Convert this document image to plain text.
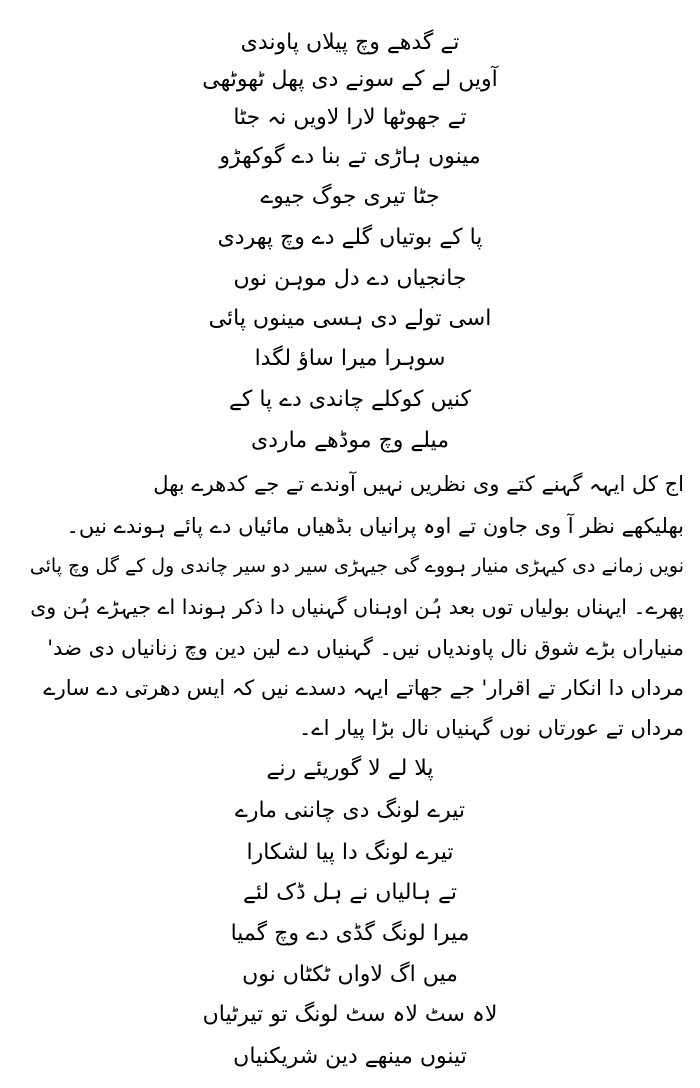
تے گدھے وچ پیلاں پاوندی
آویں لے کے سونے دی پھل ٹھوٹھی
تے جھوٹھا لارا لاویں نہ جٹا
مینوں ہاڑی تے بنا دے گوکھڑو
جٹا تیری جوگ جیوے
پا کے بوتیاں گلے دے وچ پھردی
جانجیاں دے دل موہن نوں
اسی تولے دی ہسی مینوں پائی
سوہرا میرا ساؤ لگدا
کنیں کوکلے چاندی دے پا کے
میلے وچ موڈھے ماردی
اج کل ایہہ گہنے کتے وی نظریں نہیں آوندے تے جے کدھرے بھل
بھلیکھے نظر آ وی جاون تے اوہ پرانیاں بڈھیاں مائیاں دے پائے ہوندے نیں۔
نویں زمانے دی کیہڑی منیار ہووے گی جیہڑی سیر دو سیر چاندی ول کے گل وچ پائی
پھرے۔ ایہناں بولیاں توں بعد ہُن اوہناں گہنیاں دا ذکر ہوندا اے جیہڑے ہُن وی
منیاراں بڑے شوق نال پاوندیاں نیں۔ گہنیاں دے لین دین وچ زنانیاں دی ضد'
مرداں دا انکار تے اقرار' جے جھاتے ایہہ دسدے نیں کہ ایس دھرتی دے سارے
مرداں تے عورتاں نوں گہنیاں نال بڑا پیار اے۔
پلا لے لا گوریئے رنے
تیرے لونگ دی چاننی مارے
تیرے لونگ دا پیا لشکارا
تے ہالیاں نے ہل ڈک لئے
میرا لونگ گڈی دے وچ گمیا
میں اگ لاواں ٹکٹاں نوں
لاہ سٹ لاہ سٹ لونگ تو تیرٹیاں
تینوں مینھے دین شریکنیاں
